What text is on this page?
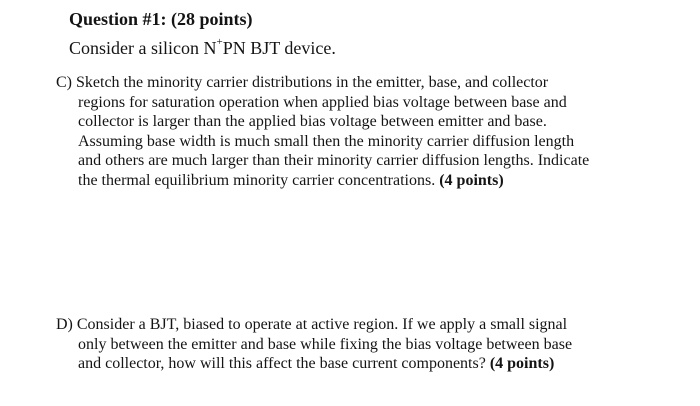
Question #1: (28 points)
Consider a silicon N+PN BJT device.
C) Sketch the minority carrier distributions in the emitter, base, and collector
regions for saturation operation when applied bias voltage between base and
collector is larger than the applied bias voltage between emitter and base.
Assuming base width is much small then the minority carrier diffusion length
and others are much larger than their minority carrier diffusion lengths. Indicate
the thermal equilibrium minority carrier concentrations. (4 points)
D) Consider a BJT, biased to operate at active region. If we apply a small signal
only between the emitter and base while fixing the bias voltage between base
and collector, how will this affect the base current components? (4 points)
